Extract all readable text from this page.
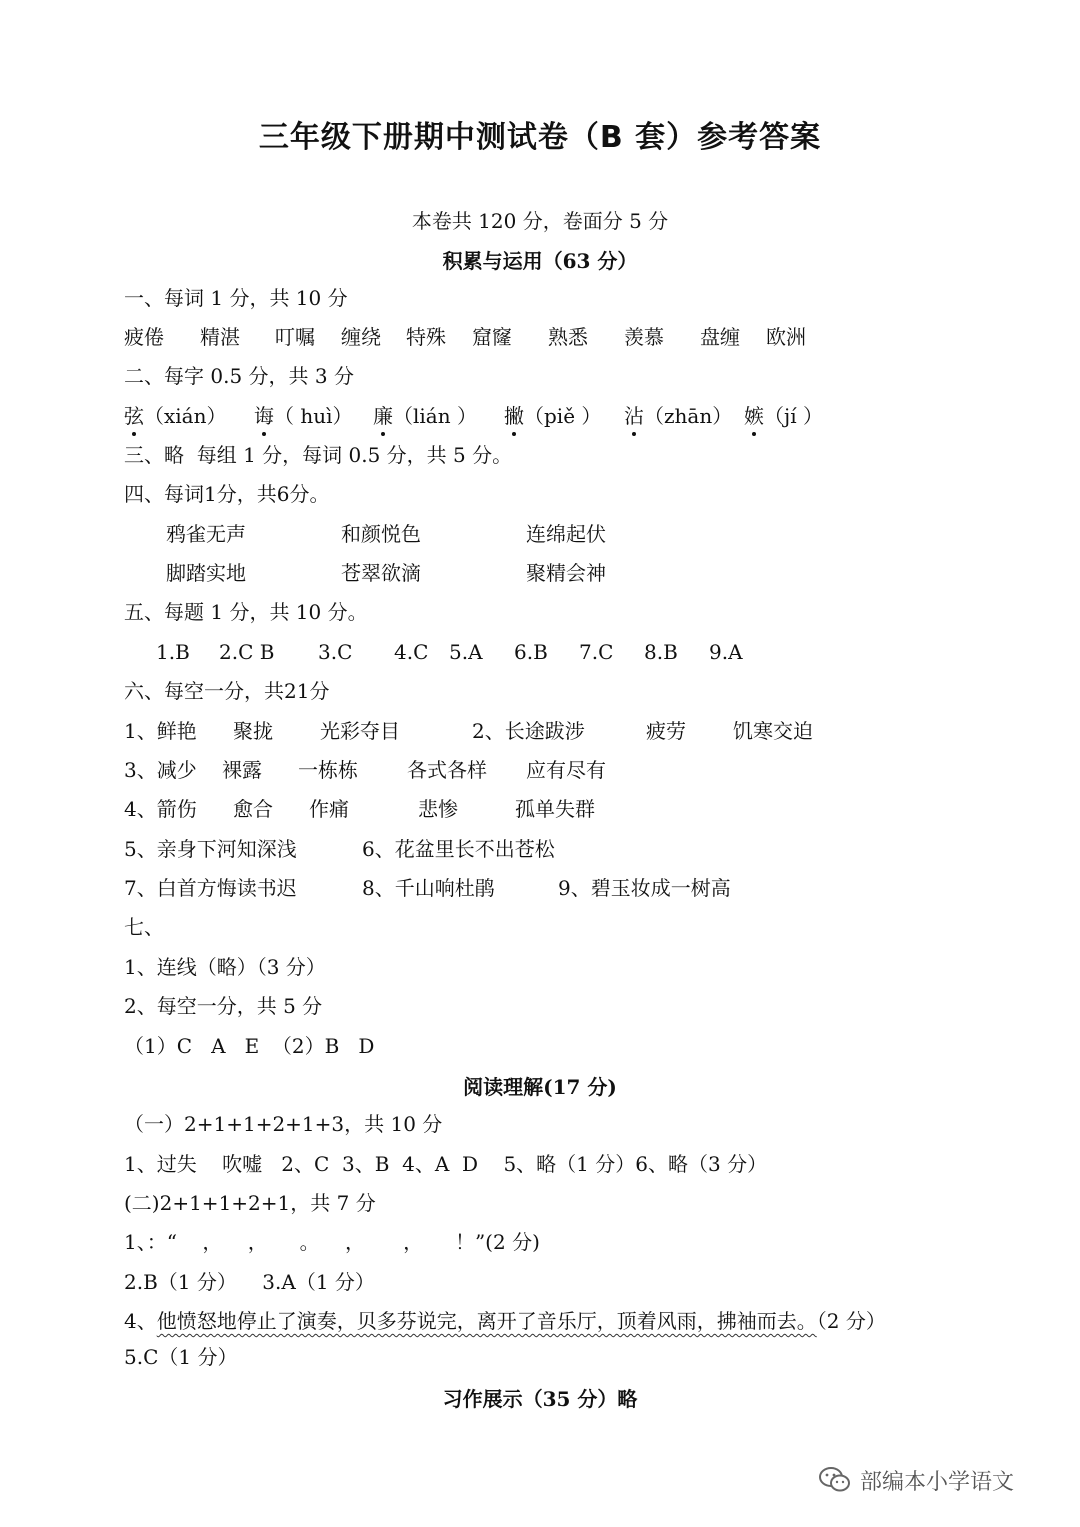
三年级下册期中测试卷（B 套）参考答案
本卷共 120 分，卷面分 5 分
积累与运用（63 分）
一、每词 1 分，共 10 分
疲倦 精湛 叮嘱 缠绕 特殊 窟窿 熟悉 羡慕 盘缠 欧洲
二、每字 0.5 分，共 3 分
弦（xián） 诲（ huì） 廉（lián ） 撇（piě ） 沾（zhān） 嫉（jí ）
三、略  每组 1 分，每词 0.5 分，共 5 分。
四、每词1分，共6分。
鸦雀无声	和颜悦色	连绵起伏
脚踏实地	苍翠欲滴	聚精会神
五、每题 1 分，共 10 分。
1.B 2.C B 3.C 4.C 5.A 6.B 7.C 8.B 9.A
六、每空一分，共21分
1、鲜艳 聚拢 光彩夺目	2、长途跋涉	疲劳 饥寒交迫
3、减少 裸露 一栋栋 各式各样 应有尽有
4、箭伤 愈合 作痛	悲惨	孤单失群
5、亲身下河知深浅	6、花盆里长不出苍松
7、白首方悔读书迟	8、千山响杜鹃	9、碧玉妆成一树高
七、
1、连线（略）（3 分）
2、每空一分，共 5 分
（1）C   A   E  （2）B   D
阅读理解(17 分)
（一）2+1+1+2+1+3，共 10 分
1、过失    吹嘘   2、C  3、B  4、A  D    5、略（1 分）6、略（3 分）
(二)2+1+1+2+1，共 7 分
1、：“    ，    ，     。    ，      ，     ！”(2 分)
2.B（1 分）    3.A（1 分）
4、他愤怒地停止了演奏，贝多芬说完，离开了音乐厅，顶着风雨，拂袖而去。（2 分）
5.C（1 分）
习作展示（35 分）略
部编本小学语文
